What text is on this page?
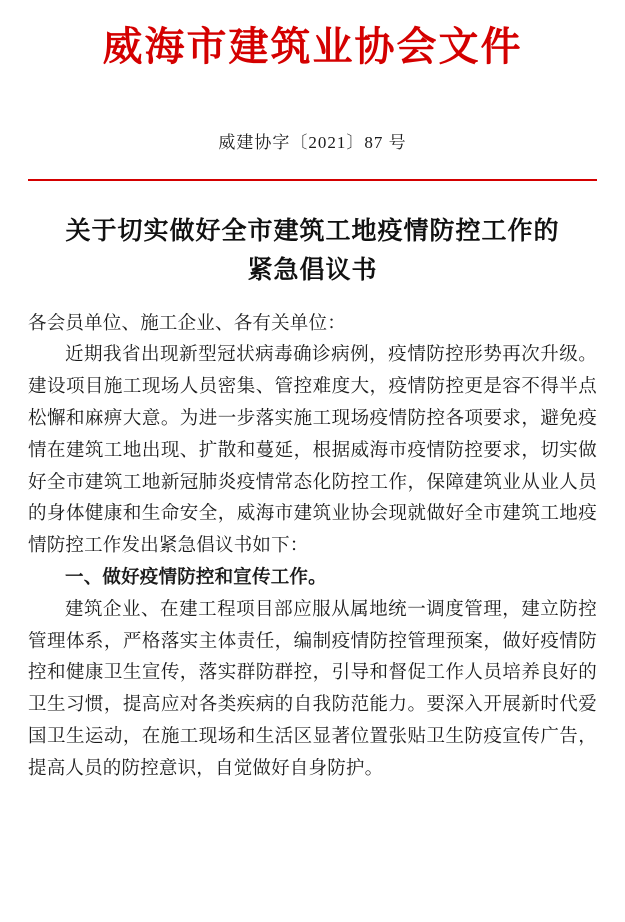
威海市建筑业协会文件
威建协字〔2021〕87 号
关于切实做好全市建筑工地疫情防控工作的
紧急倡议书

各会员单位、施工企业、各有关单位：

近期我省出现新型冠状病毒确诊病例，疫情防控形势再次升级。建设项目施工现场人员密集、管控难度大，疫情防控更是容不得半点松懈和麻痹大意。为进一步落实施工现场疫情防控各项要求，避免疫情在建筑工地出现、扩散和蔓延，根据威海市疫情防控要求，切实做好全市建筑工地新冠肺炎疫情常态化防控工作，保障建筑业从业人员的身体健康和生命安全，威海市建筑业协会现就做好全市建筑工地疫情防控工作发出紧急倡议书如下：

一、做好疫情防控和宣传工作。

建筑企业、在建工程项目部应服从属地统一调度管理，建立防控管理体系，严格落实主体责任，编制疫情防控管理预案，做好疫情防控和健康卫生宣传，落实群防群控，引导和督促工作人员培养良好的卫生习惯，提高应对各类疾病的自我防范能力。要深入开展新时代爱国卫生运动，在施工现场和生活区显著位置张贴卫生防疫宣传广告，提高人员的防控意识，自觉做好自身防护。
